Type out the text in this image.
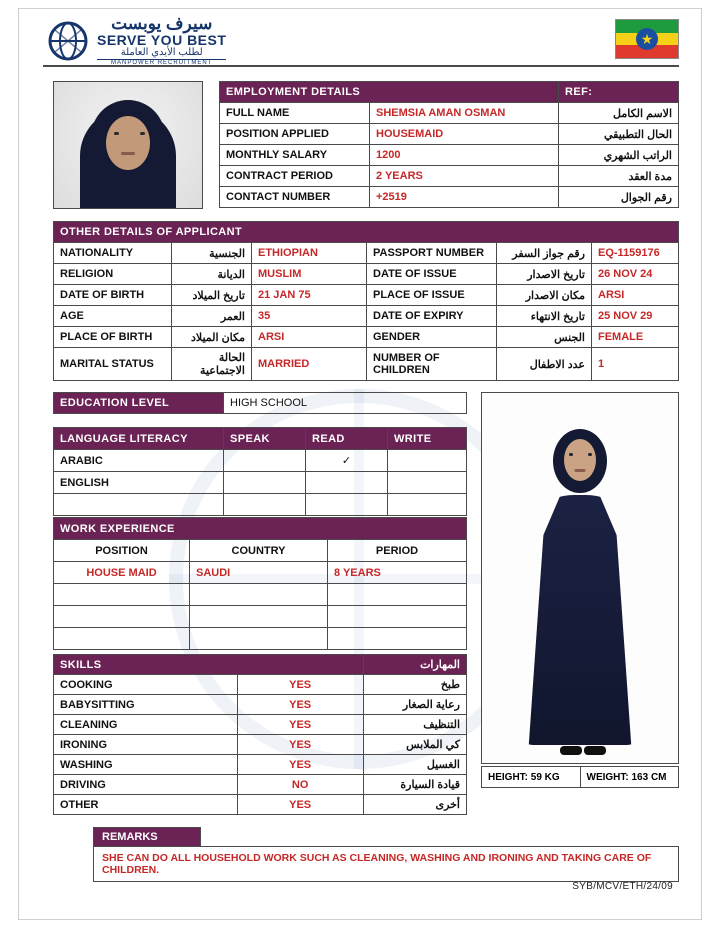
سيرف يوبست
SERVE YOU BEST
لطلب الأيدي العاملة
MANPOWER RECRUITMENT
★
EMPLOYMENT DETAILS		REF:
FULL NAME	SHEMSIA AMAN OSMAN	الاسم الكامل
POSITION APPLIED	HOUSEMAID	الحال التطبيقي
MONTHLY SALARY	1200	الراتب الشهري
CONTRACT PERIOD	2 YEARS	مدة العقد
CONTACT NUMBER	+2519	رقم الجوال
OTHER DETAILS OF APPLICANT					
NATIONALITY	الجنسية	ETHIOPIAN	PASSPORT NUMBER	رقم جواز السفر	EQ-1159176
RELIGION	الديانة	MUSLIM	DATE OF ISSUE	تاريخ الاصدار	26 NOV 24
DATE OF BIRTH	تاريخ الميلاد	21 JAN 75	PLACE OF ISSUE	مكان الاصدار	ARSI
AGE	العمر	35	DATE OF EXPIRY	تاريخ الانتهاء	25 NOV 29
PLACE OF BIRTH	مكان الميلاد	ARSI	GENDER	الجنس	FEMALE
MARITAL STATUS	الحالة الاجتماعية	MARRIED	NUMBER OF CHILDREN	عدد الاطفال	1
EDUCATION LEVEL	HIGH SCHOOL
LANGUAGE LITERACY	SPEAK	READ	WRITE
ARABIC		✓	
ENGLISH			

WORK EXPERIENCE		
POSITION	COUNTRY	PERIOD
HOUSE MAID	SAUDI	8 YEARS

SKILLS		المهارات
COOKING	YES	طبخ
BABYSITTING	YES	رعاية الصغار
CLEANING	YES	التنظيف
IRONING	YES	كي الملابس
WASHING	YES	الغسيل
DRIVING	NO	قيادة السيارة
OTHER	YES	أخرى
HEIGHT: 59 KG	WEIGHT: 163 CM
REMARKS
SHE CAN DO ALL HOUSEHOLD WORK SUCH AS CLEANING, WASHING AND IRONING AND TAKING CARE OF CHILDREN.
SYB/MCV/ETH/24/09
